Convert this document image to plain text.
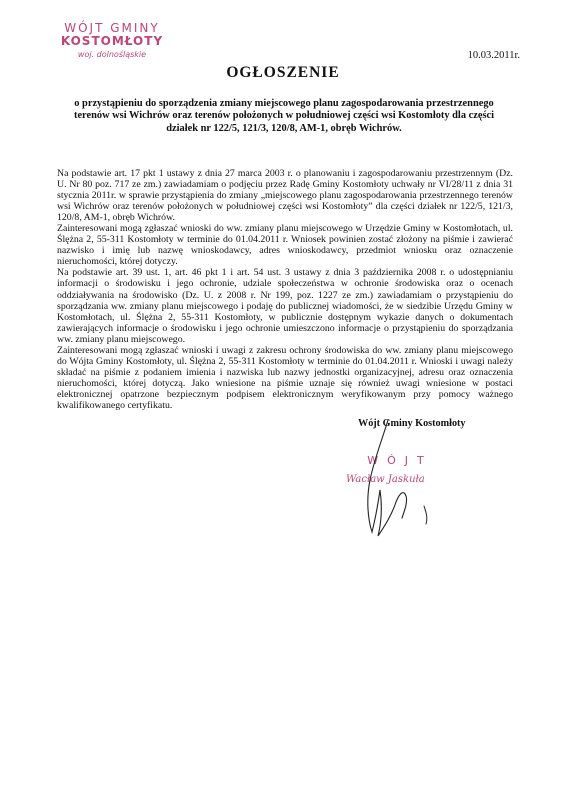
WÓJT GMINY
KOSTOMŁOTY
woj. dolnośląskie	10.03.2011r.
OGŁOSZENIE
o przystąpieniu do sporządzenia zmiany miejscowego planu zagospodarowania przestrzennego terenów wsi Wichrów oraz terenów położonych w południowej części wsi Kostomłoty dla części działek nr 122/5, 121/3, 120/8, AM-1, obręb Wichrów.

Na podstawie art. 17 pkt 1 ustawy z dnia 27 marca 2003 r. o planowaniu i zagospodarowaniu przestrzennym (Dz. U. Nr 80 poz. 717 ze zm.) zawiadamiam o podjęciu przez Radę Gminy Kostomłoty uchwały nr VI/28/11 z dnia 31 stycznia 2011r. w sprawie przystąpienia do zmiany „miejscowego planu zagospodarowania przestrzennego terenów wsi Wichrów oraz terenów położonych w południowej części wsi Kostomłoty” dla części działek nr 122/5, 121/3, 120/8, AM-1, obręb Wichrów.

Zainteresowani mogą zgłaszać wnioski do ww. zmiany planu miejscowego w Urzędzie Gminy w Kostomłotach, ul. Ślężna 2, 55-311 Kostomłoty w terminie do 01.04.2011 r. Wniosek powinien zostać złożony na piśmie i zawierać nazwisko i imię lub nazwę wnioskodawcy, adres wnioskodawcy, przedmiot wniosku oraz oznaczenie nieruchomości, której dotyczy.

Na podstawie art. 39 ust. 1, art. 46 pkt 1 i art. 54 ust. 3 ustawy z dnia 3 października 2008 r. o udostępnianiu informacji o środowisku i jego ochronie, udziale społeczeństwa w ochronie środowiska oraz o ocenach oddziaływania na środowisko (Dz. U. z 2008 r. Nr 199, poz. 1227 ze zm.) zawiadamiam o przystąpieniu do sporządzania ww. zmiany planu miejscowego i podaję do publicznej wiadomości, że w siedzibie Urzędu Gminy w Kostomłotach, ul. Ślężna 2, 55-311 Kostomłoty, w publicznie dostępnym wykazie danych o dokumentach zawierających informacje o środowisku i jego ochronie umieszczono informacje o przystąpieniu do sporządzania ww. zmiany planu miejscowego.

Zainteresowani mogą zgłaszać wnioski i uwagi z zakresu ochrony środowiska do ww. zmiany planu miejscowego do Wójta Gminy Kostomłoty, ul. Ślężna 2, 55-311 Kostomłoty w terminie do 01.04.2011 r. Wnioski i uwagi należy składać na piśmie z podaniem imienia i nazwiska lub nazwy jednostki organizacyjnej, adresu oraz oznaczenia nieruchomości, której dotyczą. Jako wniesione na piśmie uznaje się również uwagi wniesione w postaci elektronicznej opatrzone bezpiecznym podpisem elektronicznym weryfikowanym przy pomocy ważnego kwalifikowanego certyfikatu.

Wójt Gminy Kostomłoty
WÓJT
Wacław Jaskuła
